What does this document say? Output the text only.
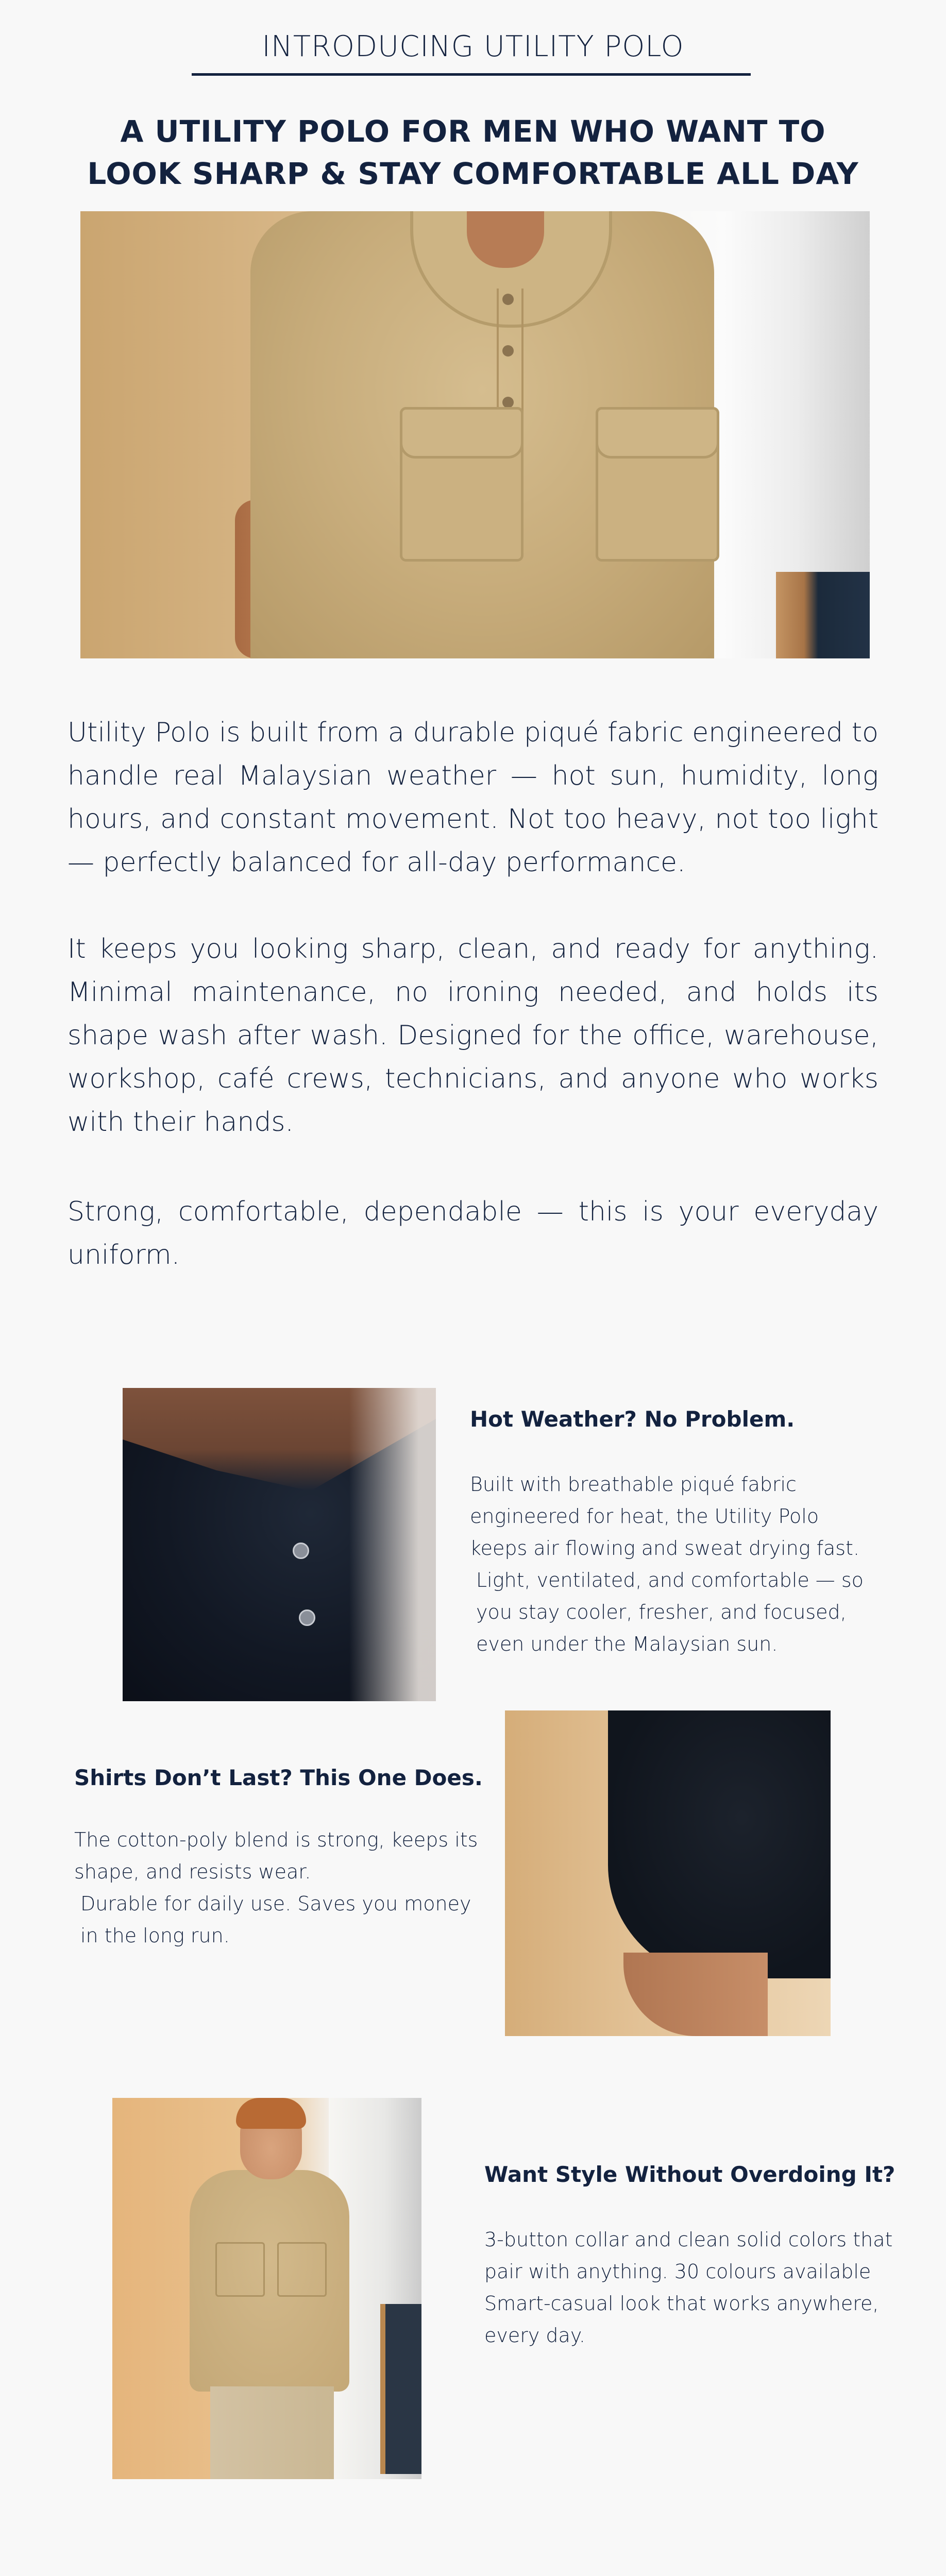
INTRODUCING UTILITY POLO
A UTILITY POLO FOR MEN WHO WANT TO LOOK SHARP & STAY COMFORTABLE ALL DAY

Utility Polo is built from a durable piqué fabric engineered to handle real Malaysian weather — hot sun, humidity, long hours, and constant movement. Not too heavy, not too light — perfectly balanced for all-day performance.

It keeps you looking sharp, clean, and ready for anything. Minimal maintenance, no ironing needed, and holds its shape wash after wash. Designed for the office, warehouse, workshop, café crews, technicians, and anyone who works with their hands.

Strong, comfortable, dependable — this is your everyday uniform.

Hot Weather? No Problem.
Built with breathable piqué fabric engineered for heat, the Utility Polo keeps air flowing and sweat drying fast.
Light, ventilated, and comfortable — so you stay cooler, fresher, and focused, even under the Malaysian sun.
Shirts Don’t Last? This One Does.
The cotton-poly blend is strong, keeps its shape, and resists wear.
Durable for daily use. Saves you money in the long run.
Want Style Without Overdoing It?
3-button collar and clean solid colors that pair with anything. 30 colours available
Smart-casual look that works anywhere, every day.
